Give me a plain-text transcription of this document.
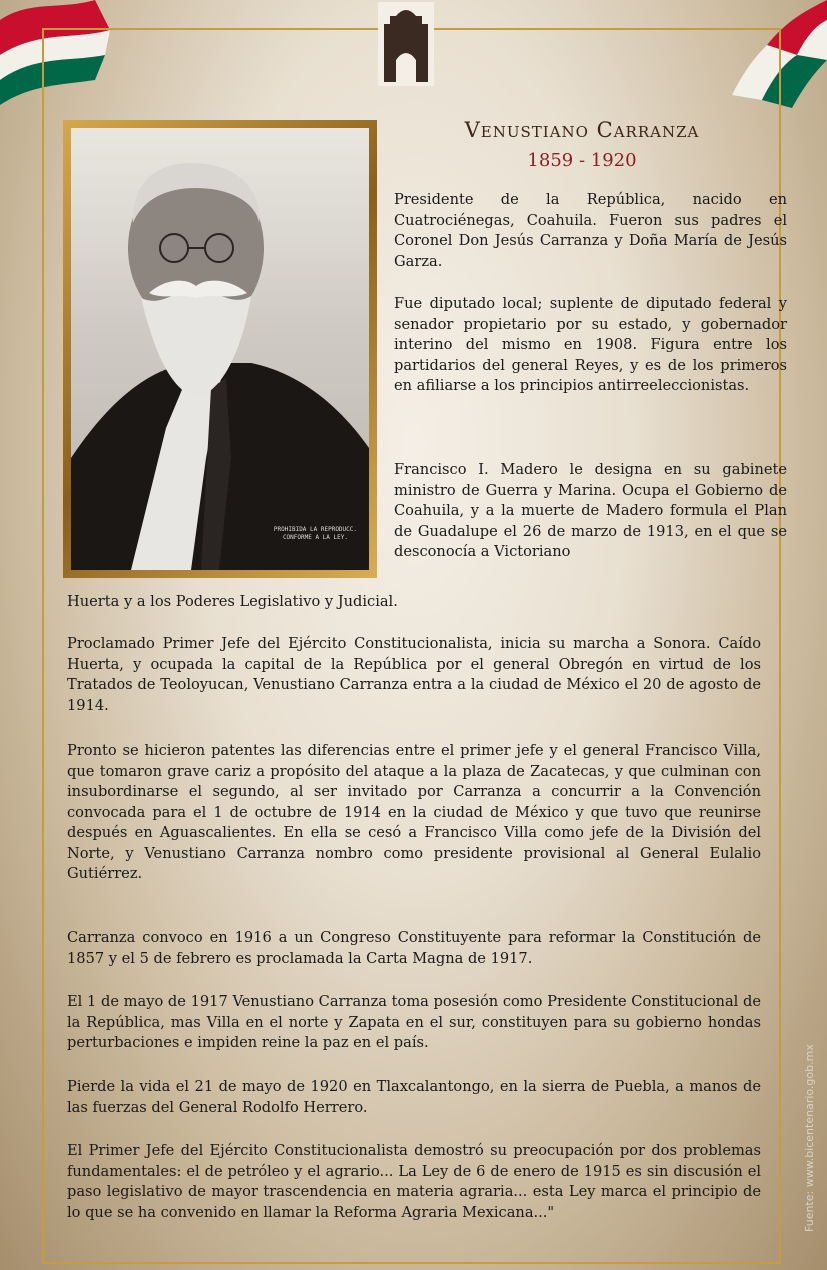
PROHIBIDA LA REPRODUCC.
CONFORME A LA LEY.
Venustiano Carranza
1859 - 1920

Presidente de la República, nacido en Cuatrociénegas, Coahuila. Fueron sus padres el Coronel Don Jesús Carranza y Doña María de Jesús Garza.

Fue diputado local; suplente de diputado federal y senador propietario por su estado, y gobernador interino del mismo en 1908. Figura entre los partidarios del general Reyes, y es de los primeros en afiliarse a los principios antirreeleccionistas.

Francisco I. Madero le designa en su gabinete ministro de Guerra y Marina. Ocupa el Gobierno de Coahuila, y a la muerte de Madero formula el Plan de Guadalupe el 26 de marzo de 1913, en el que se desconocía a Victoriano

Huerta y a los Poderes Legislativo y Judicial.

Proclamado Primer Jefe del Ejército Constitucionalista, inicia su marcha a Sonora. Caído Huerta, y ocupada la capital de la República por el general Obregón en virtud de los Tratados de Teoloyucan, Venustiano Carranza entra a la ciudad de México el 20 de agosto de 1914.

Pronto se hicieron patentes las diferencias entre el primer jefe y el general Francisco Villa, que tomaron grave cariz a propósito del ataque a la plaza de Zacatecas, y que culminan con insubordinarse el segundo, al ser invitado por Carranza a concurrir a la Convención convocada para el 1 de octubre de 1914 en la ciudad de México y que tuvo que reunirse después en Aguascalientes. En ella se cesó a Francisco Villa como jefe de la División del Norte, y Venustiano Carranza nombro como presidente provisional al General Eulalio Gutiérrez.

Carranza convoco en 1916 a un Congreso Constituyente para reformar la Constitución de 1857 y el 5 de febrero es proclamada la Carta Magna de 1917.

El 1 de mayo de 1917 Venustiano Carranza toma posesión como Presidente Constitucional de la República, mas Villa en el norte y Zapata en el sur, constituyen para su gobierno hondas perturbaciones e impiden reine la paz en el país.

Pierde la vida el 21 de mayo de 1920 en Tlaxcalantongo, en la sierra de Puebla, a manos de las fuerzas del General Rodolfo Herrero.

El Primer Jefe del Ejército Constitucionalista demostró su preocupación por dos problemas fundamentales: el de petróleo y el agrario... La Ley de 6 de enero de 1915 es sin discusión el paso legislativo de mayor trascendencia en materia agraria... esta Ley marca el principio de lo que se ha convenido en llamar la Reforma Agraria Mexicana..."	Fuente: www.bicentenario.gob.mx
